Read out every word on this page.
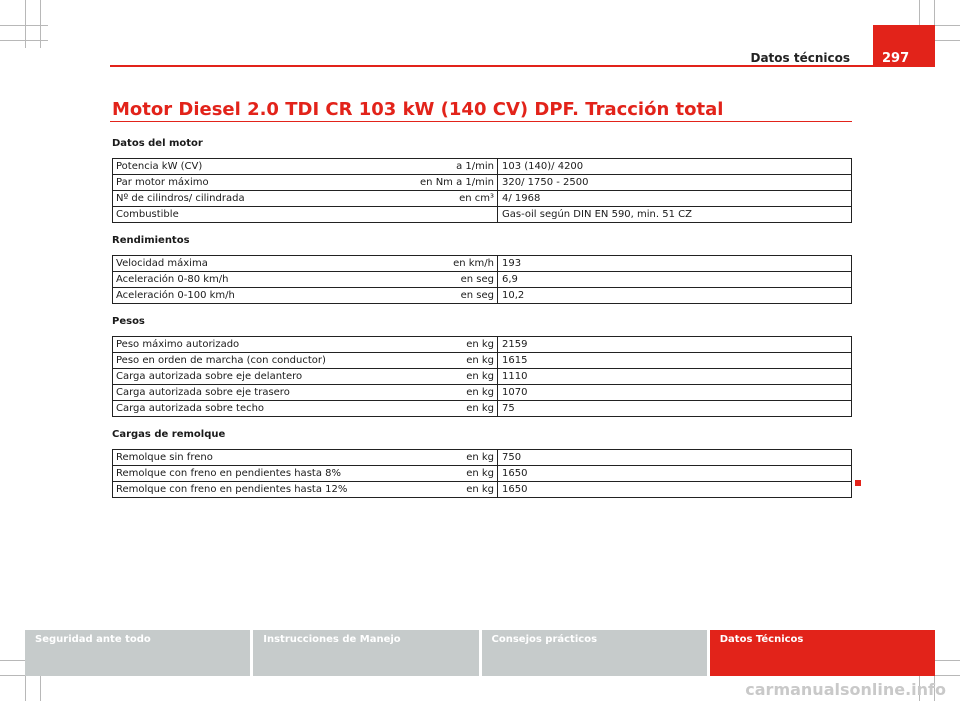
Datos técnicos	297
Motor Diesel 2.0 TDI CR 103 kW (140 CV) DPF. Tracción total
Datos del motor
Potencia kW (CV)	a 1/min	103 (140)/ 4200
Par motor máximo	en Nm a 1/min	320/ 1750 - 2500
Nº de cilindros/ cilindrada	en cm³	4/ 1968
Combustible		Gas-oil según DIN EN 590, min. 51 CZ
Rendimientos
Velocidad máxima	en km/h	193
Aceleración 0-80 km/h	en seg	6,9
Aceleración 0-100 km/h	en seg	10,2
Pesos
Peso máximo autorizado	en kg	2159
Peso en orden de marcha (con conductor)	en kg	1615
Carga autorizada sobre eje delantero	en kg	1110
Carga autorizada sobre eje trasero	en kg	1070
Carga autorizada sobre techo	en kg	75
Cargas de remolque
Remolque sin freno	en kg	750
Remolque con freno en pendientes hasta 8%	en kg	1650
Remolque con freno en pendientes hasta 12%	en kg	1650
Seguridad ante todo	Instrucciones de Manejo	Consejos prácticos	Datos Técnicos
carmanualsonline.info
